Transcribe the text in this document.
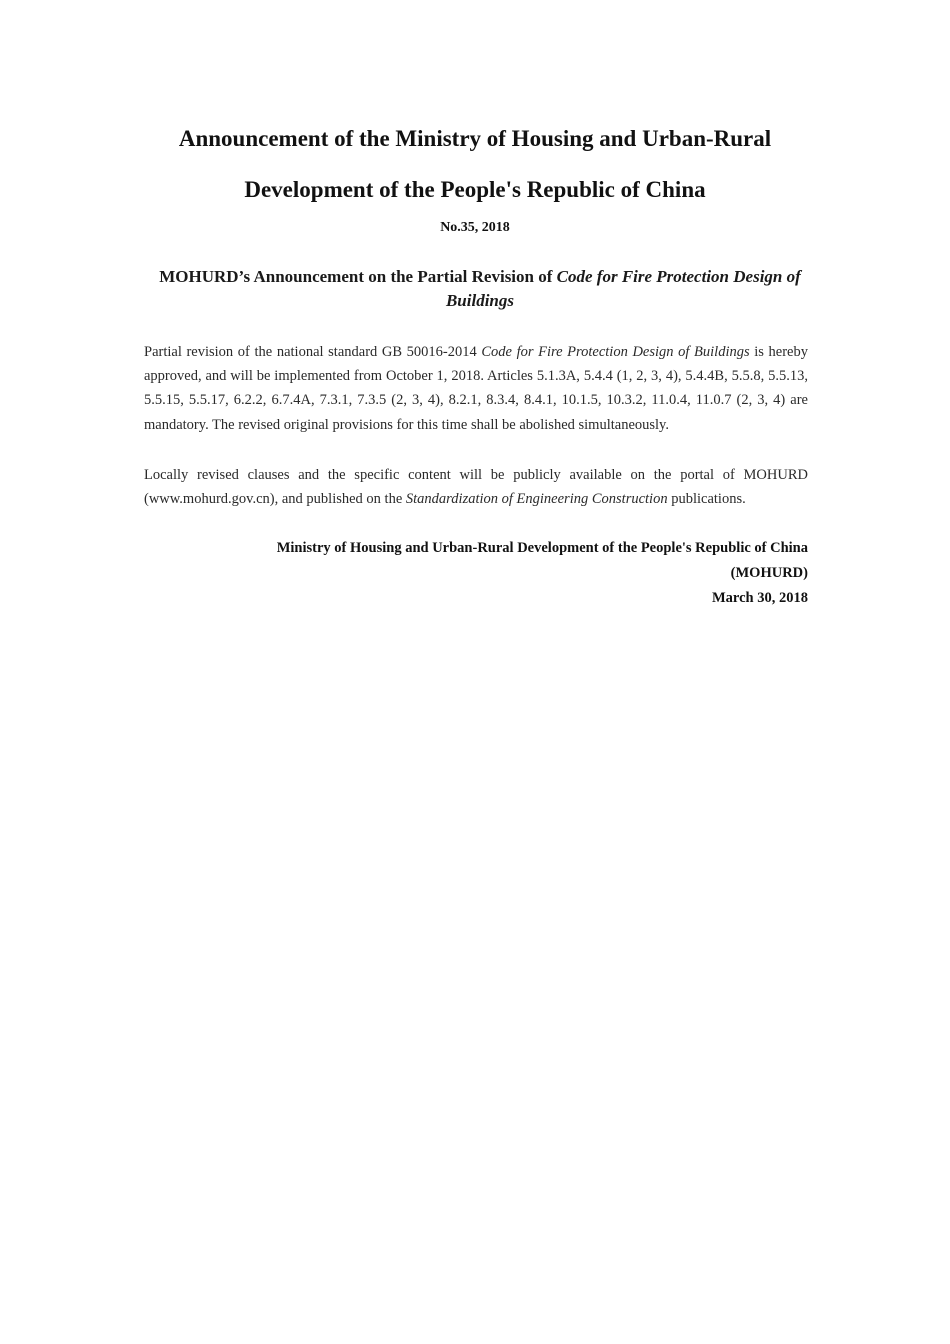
Announcement of the Ministry of Housing and Urban-Rural
Development of the People's Republic of China
No.35, 2018
MOHURD’s Announcement on the Partial Revision of Code for Fire Protection Design of Buildings

Partial revision of the national standard GB 50016-2014 Code for Fire Protection Design of Buildings is hereby approved, and will be implemented from October 1, 2018. Articles 5.1.3A, 5.4.4 (1, 2, 3, 4), 5.4.4B, 5.5.8, 5.5.13, 5.5.15, 5.5.17, 6.2.2, 6.7.4A, 7.3.1, 7.3.5 (2, 3, 4), 8.2.1, 8.3.4, 8.4.1, 10.1.5, 10.3.2, 11.0.4, 11.0.7 (2, 3, 4) are mandatory. The revised original provisions for this time shall be abolished simultaneously.

Locally revised clauses and the specific content will be publicly available on the portal of MOHURD (www.mohurd.gov.cn), and published on the Standardization of Engineering Construction publications.

Ministry of Housing and Urban-Rural Development of the People's Republic of China
(MOHURD)
March 30, 2018
